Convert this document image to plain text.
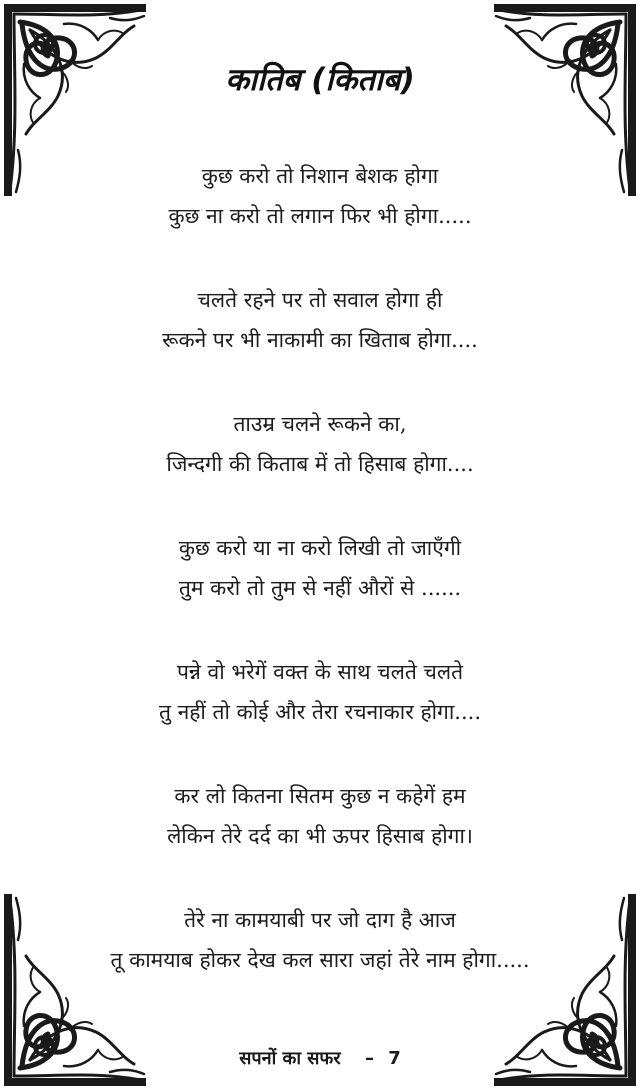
कातिब (किताब)
कुछ करो तो निशान बेशक होगा
कुछ ना करो तो लगान फिर भी होगा.....
चलते रहने पर तो सवाल होगा ही
रूकने पर भी नाकामी का खिताब होगा....
ताउम्र चलने रूकने का,
जिन्दगी की किताब में तो हिसाब होगा....
कुछ करो या ना करो लिखी तो जाएँगी
तुम करो तो तुम से नहीं औरों से ......
पन्ने वो भरेगें वक्त के साथ चलते चलते
तु नहीं तो कोई और तेरा रचनाकार होगा....
कर लो कितना सितम कुछ न कहेगें हम
लेकिन तेरे दर्द का भी ऊपर हिसाब होगा।
तेरे ना कामयाबी पर जो दाग है आज
तू कामयाब होकर देख कल सारा जहां तेरे नाम होगा.....
सपनों का सफर – 7
